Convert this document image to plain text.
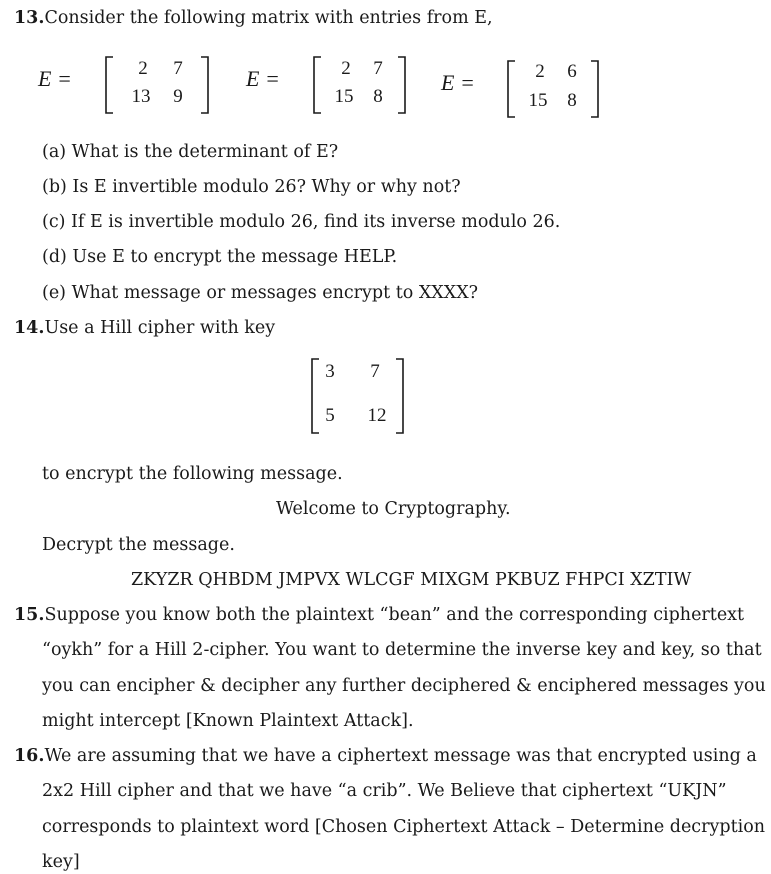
13.Consider the following matrix with entries from E,
E =	2	7
13	9
E =	2	7
15	8
E =	2	6
15	8
(a) What is the determinant of E?
(b) Is E invertible modulo 26? Why or why not?
(c) If E is invertible modulo 26, find its inverse modulo 26.
(d) Use E to encrypt the message HELP.
(e) What message or messages encrypt to XXXX?
14.Use a Hill cipher with key
3	7
5	12
to encrypt the following message.
Welcome to Cryptography.
Decrypt the message.
ZKYZR QHBDM JMPVX WLCGF MIXGM PKBUZ FHPCI XZTIW
15.Suppose you know both the plaintext “bean” and the corresponding ciphertext
“oykh” for a Hill 2-cipher. You want to determine the inverse key and key, so that
you can encipher & decipher any further deciphered & enciphered messages you
might intercept [Known Plaintext Attack].
16.We are assuming that we have a ciphertext message was that encrypted using a
2x2 Hill cipher and that we have “a crib”. We Believe that ciphertext “UKJN”
corresponds to plaintext word [Chosen Ciphertext Attack – Determine decryption
key]
